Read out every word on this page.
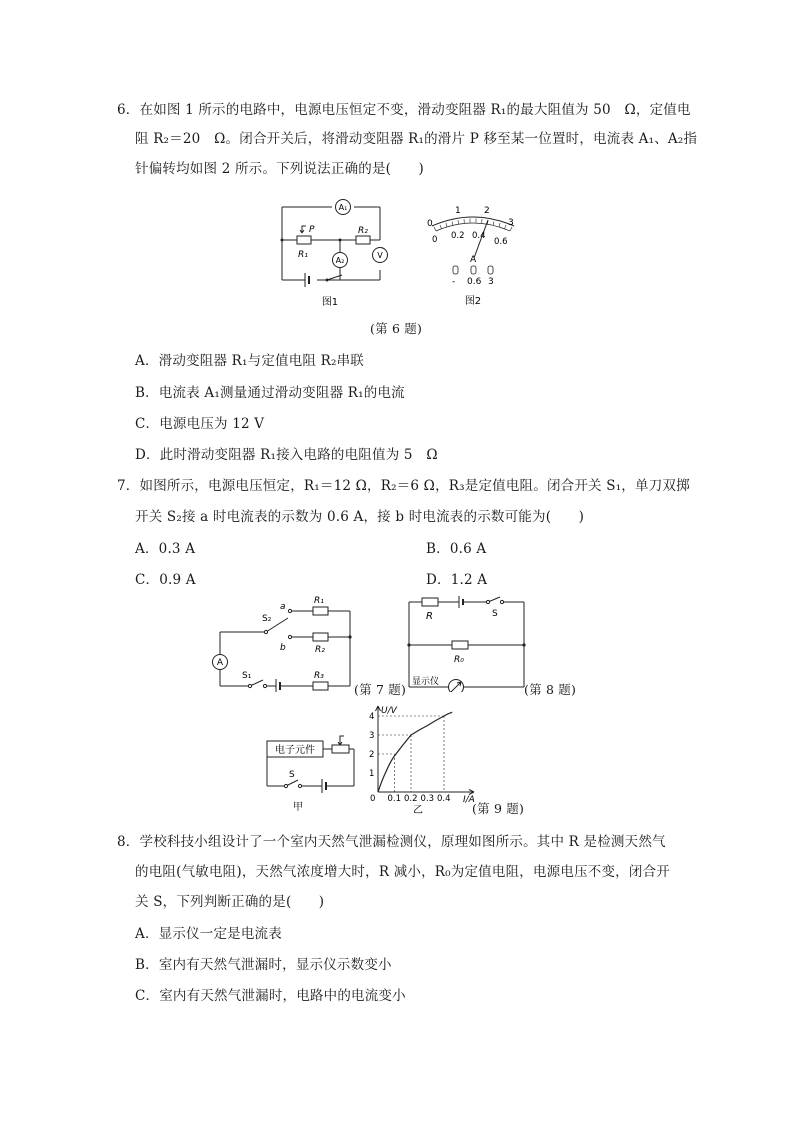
6．在如图 1 所示的电路中，电源电压恒定不变，滑动变阻器 R₁的最大阻值为 50　Ω，定值电
阻 R₂＝20　Ω。闭合开关后，将滑动变阻器 R₁的滑片 P 移至某一位置时，电流表 A₁、A₂指
针偏转均如图 2 所示。下列说法正确的是(　　)
A₁
A₂
V
P
R₁
R₂
图1
0
1	2
3
0 0.2 0.4
0.6
A
- 0.6 3
图2
(第 6 题)
A．滑动变阻器 R₁与定值电阻 R₂串联
B．电流表 A₁测量通过滑动变阻器 R₁的电流
C．电源电压为 12 V
D．此时滑动变阻器 R₁接入电路的电阻值为 5　Ω
7．如图所示，电源电压恒定，R₁＝12 Ω，R₂＝6 Ω，R₃是定值电阻。闭合开关 S₁，单刀双掷
开关 S₂接 a 时电流表的示数为 0.6 A，接 b 时电流表的示数可能为(　　)
A．0.3 A	B．0.6 A
C．0.9 A	D．1.2 A
A
S₂
a
b
R₁
R₂
R₃
S₁
(第 7 题)
R	S
R₀
显示仪	(第 8 题)
电子元件
S
甲
1
2
3
4
0.1 0.2 0.3 0.4
U/V
I/A
0
乙	(第 9 题)
8．学校科技小组设计了一个室内天然气泄漏检测仪，原理如图所示。其中 R 是检测天然气
的电阻(气敏电阻)，天然气浓度增大时，R 减小，R₀为定值电阻，电源电压不变，闭合开
关 S，下列判断正确的是(　　)
A．显示仪一定是电流表
B．室内有天然气泄漏时，显示仪示数变小
C．室内有天然气泄漏时，电路中的电流变小
